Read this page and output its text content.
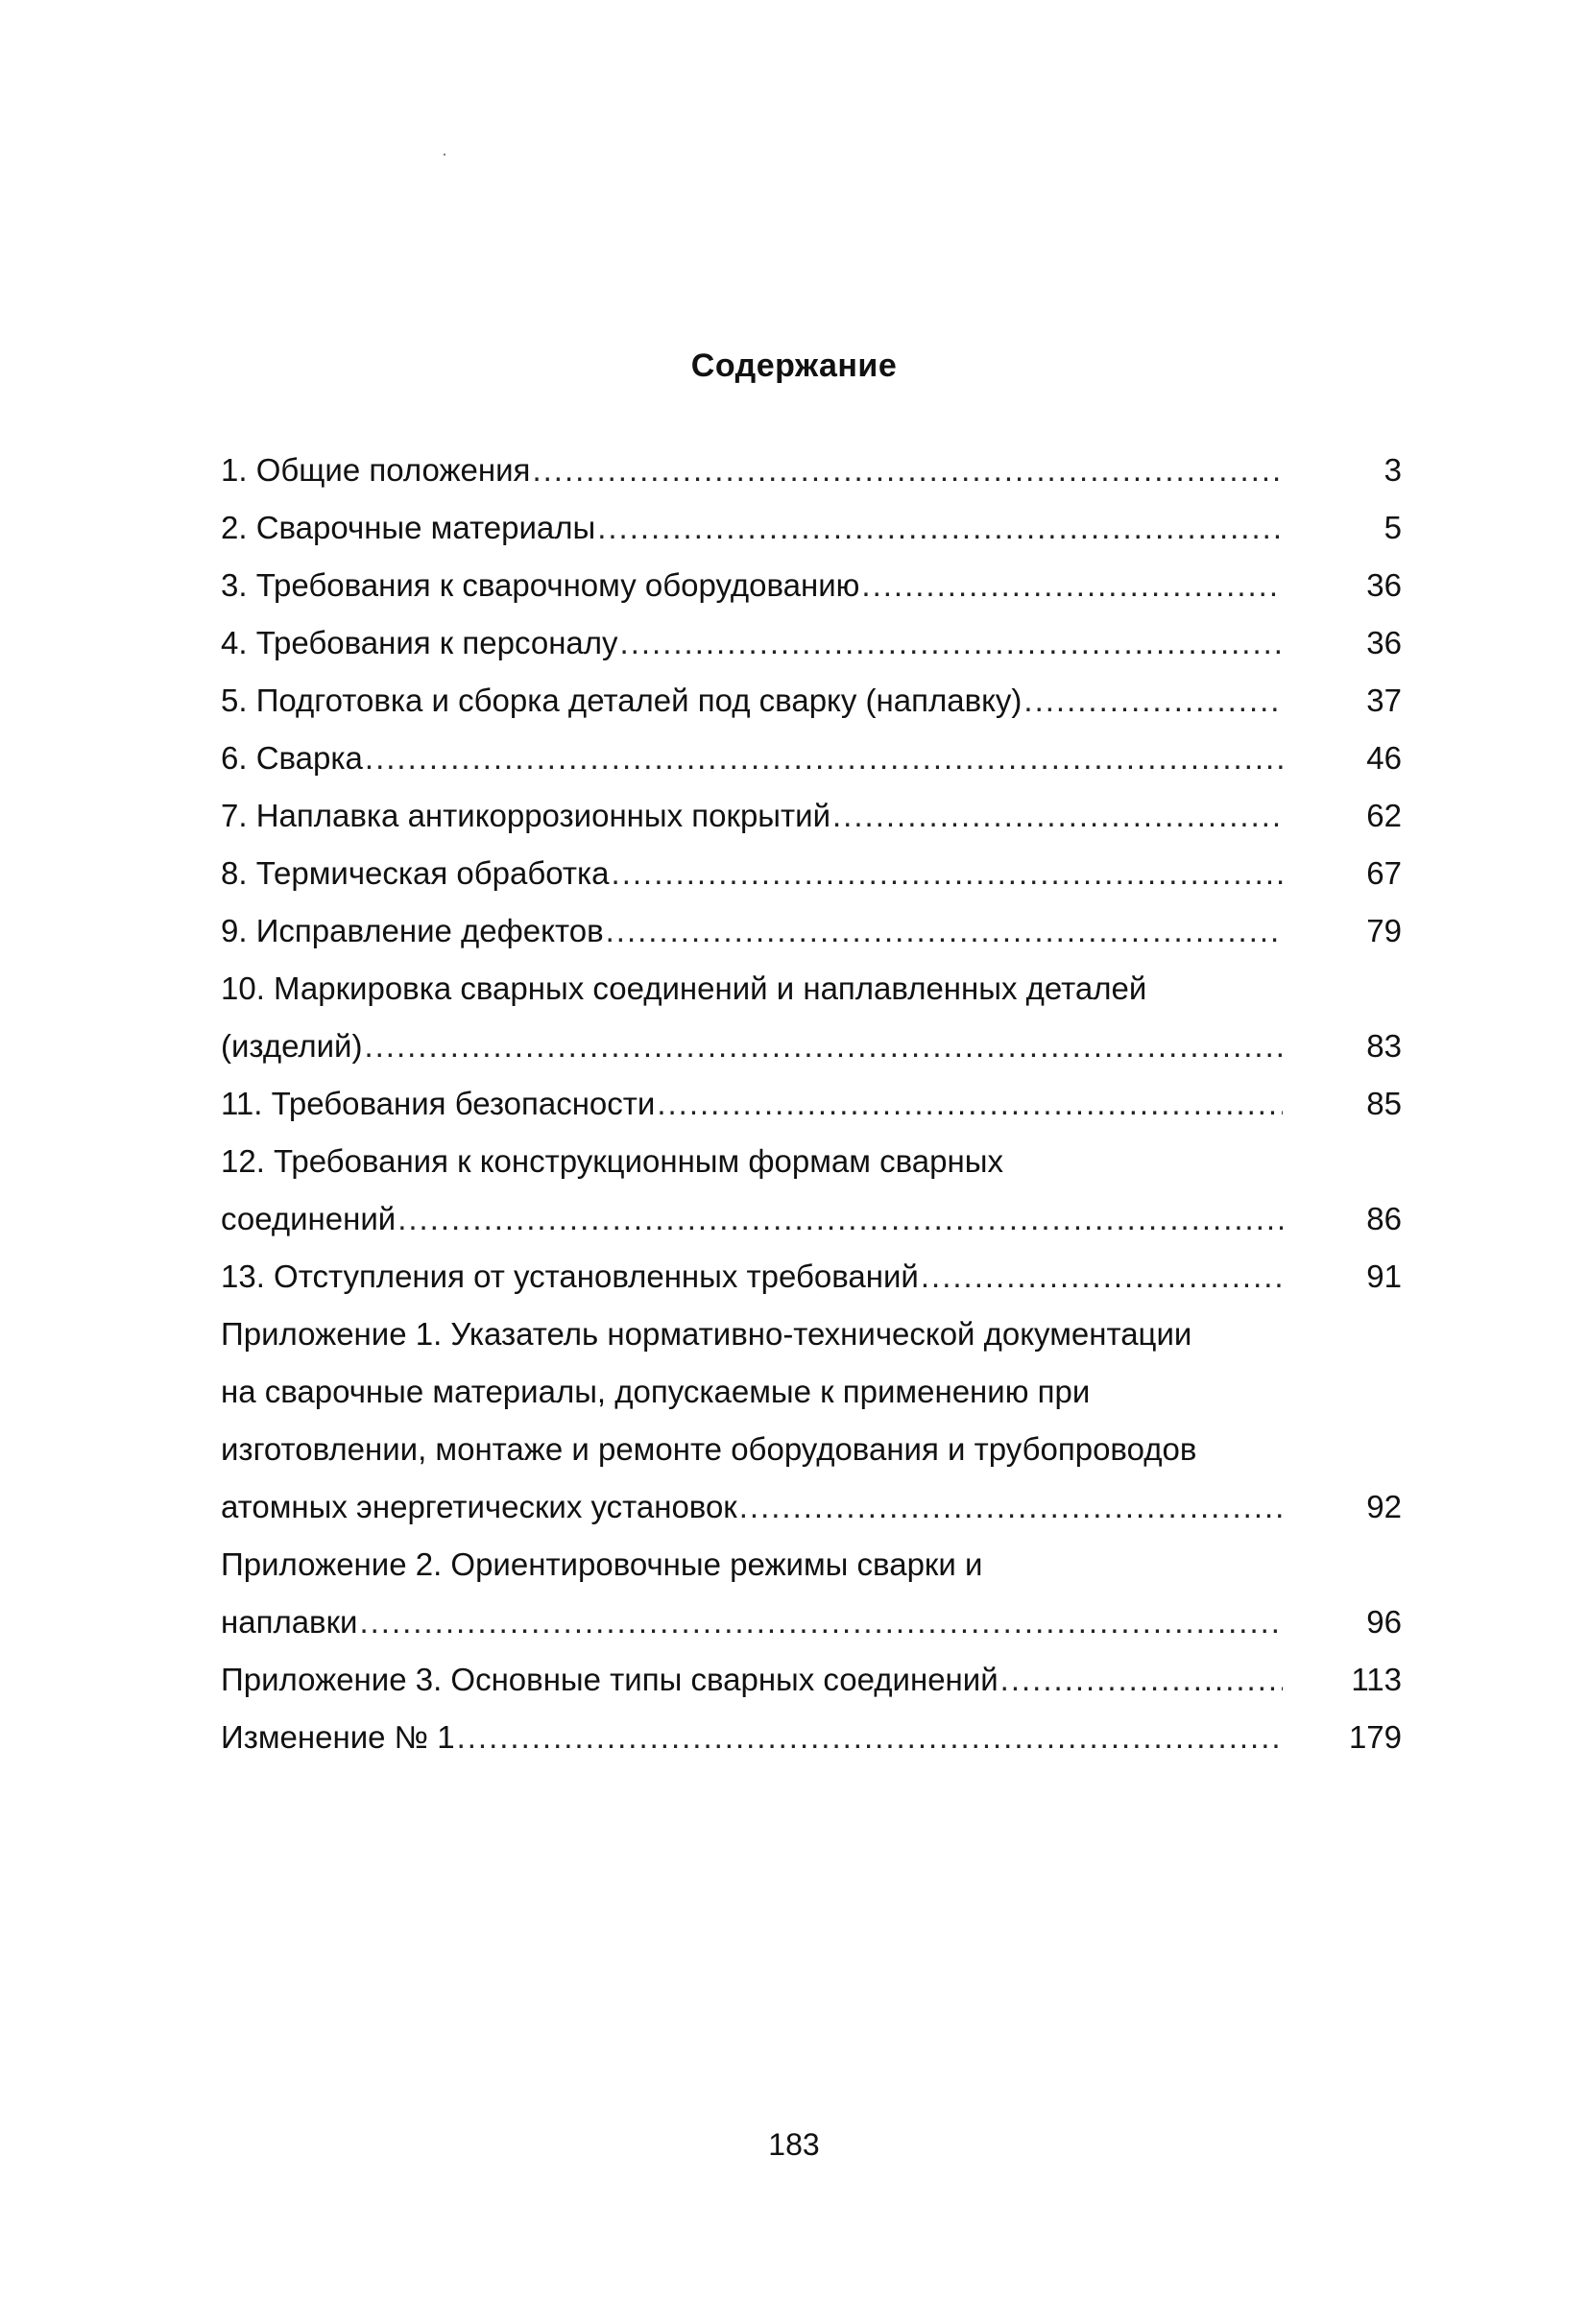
Содержание
1. Общие положения .....	3
2. Сварочные материалы .....	5
3. Требования к сварочному оборудованию .....	36
4. Требования к персоналу .....	36
5. Подготовка и сборка деталей под сварку (наплавку) .....	37
6. Сварка .....	46
7. Наплавка антикоррозионных покрытий .....	62
8. Термическая обработка .....	67
9. Исправление дефектов .....	79
10. Маркировка сварных соединений и наплавленных деталей
(изделий) .....	83
11. Требования безопасности .....	85
12. Требования к конструкционным формам сварных
соединений .....	86
13. Отступления от установленных требований .....	91
Приложение 1. Указатель нормативно-технической документации
на сварочные материалы, допускаемые к применению при
изготовлении, монтаже и ремонте оборудования и трубопроводов
атомных энергетических установок .....	92
Приложение 2. Ориентировочные режимы сварки и
наплавки .....	96
Приложение 3. Основные типы сварных соединений .....	113
Изменение № 1 .....	179
183
